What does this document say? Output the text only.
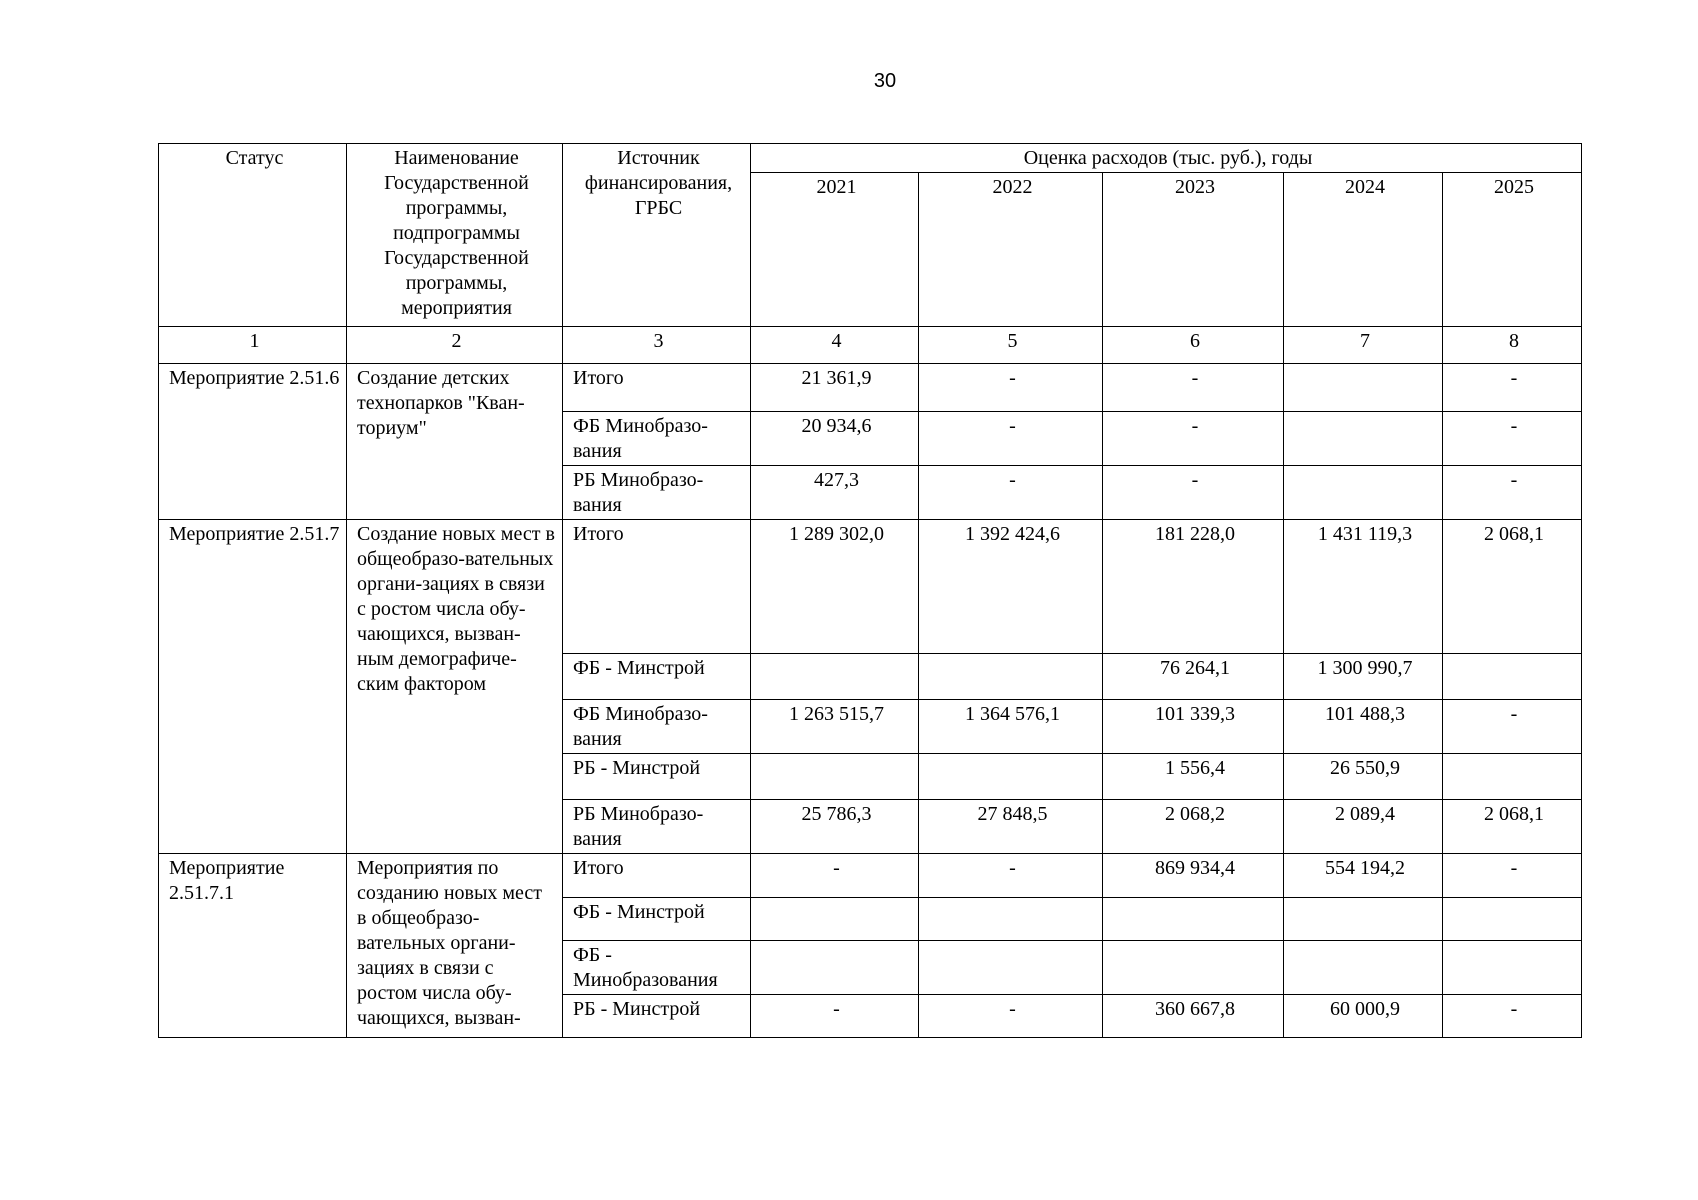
30
Статус	Наименование Государственной программы, подпрограммы Государственной программы, мероприятия	Источник финансирования, ГРБС	Оценка расходов (тыс. руб.), годы				
			2021	2022	2023	2024	2025
1	2	3	4	5	6	7	8
Мероприятие 2.51.6	Создание детских технопарков "Кван-ториум"	Итого	21 361,9	-	-		-
		ФБ Минобразо-вания	20 934,6	-	-		-
		РБ Минобразо-вания	427,3	-	-		-
Мероприятие 2.51.7	Создание новых мест в общеобразо-вательных органи-зациях в связи с ростом числа обу-чающихся, вызван-ным демографиче-ским фактором	Итого	1 289 302,0	1 392 424,6	181 228,0	1 431 119,3	2 068,1
		ФБ - Минстрой			76 264,1	1 300 990,7	
		ФБ Минобразо-вания	1 263 515,7	1 364 576,1	101 339,3	101 488,3	-
		РБ - Минстрой			1 556,4	26 550,9	
		РБ Минобразо-вания	25 786,3	27 848,5	2 068,2	2 089,4	2 068,1
Мероприятие 2.51.7.1	Мероприятия по созданию новых мест в общеобразо-вательных органи-зациях в связи с ростом числа обу-чающихся, вызван-	Итого	-	-	869 934,4	554 194,2	-
		ФБ - Минстрой					
		ФБ - Минобразования					
		РБ - Минстрой	-	-	360 667,8	60 000,9	-
